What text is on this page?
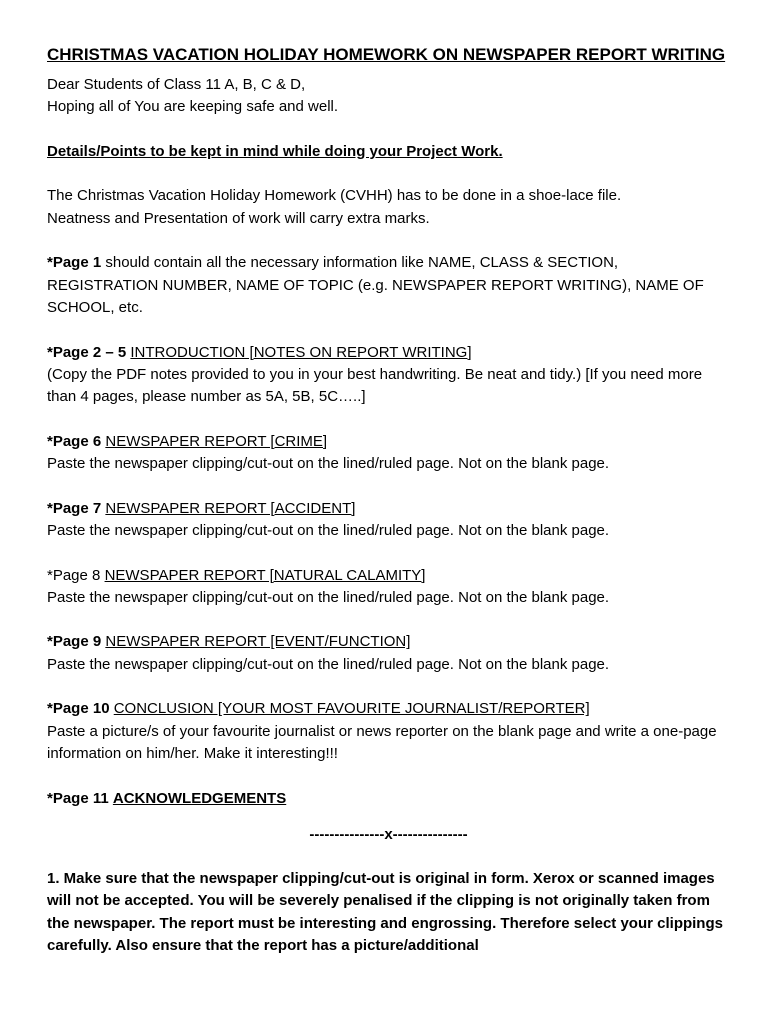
CHRISTMAS VACATION HOLIDAY HOMEWORK ON NEWSPAPER REPORT WRITING

Dear Students of Class 11 A, B, C & D,
Hoping all of You are keeping safe and well.

Details/Points to be kept in mind while doing your Project Work.

The Christmas Vacation Holiday Homework (CVHH) has to be done in a shoe-lace file.
Neatness and Presentation of work will carry extra marks.

*Page 1 should contain all the necessary information like NAME, CLASS & SECTION, REGISTRATION NUMBER, NAME OF TOPIC (e.g. NEWSPAPER REPORT WRITING), NAME OF SCHOOL, etc.

*Page 2 – 5 INTRODUCTION [NOTES ON REPORT WRITING]
(Copy the PDF notes provided to you in your best handwriting. Be neat and tidy.) [If you need more than 4 pages, please number as 5A, 5B, 5C…..]

*Page 6 NEWSPAPER REPORT [CRIME]
Paste the newspaper clipping/cut-out on the lined/ruled page. Not on the blank page.

*Page 7 NEWSPAPER REPORT [ACCIDENT]
Paste the newspaper clipping/cut-out on the lined/ruled page. Not on the blank page.

*Page 8 NEWSPAPER REPORT [NATURAL CALAMITY]
Paste the newspaper clipping/cut-out on the lined/ruled page. Not on the blank page.

*Page 9 NEWSPAPER REPORT [EVENT/FUNCTION]
Paste the newspaper clipping/cut-out on the lined/ruled page. Not on the blank page.

*Page 10 CONCLUSION [YOUR MOST FAVOURITE JOURNALIST/REPORTER]
Paste a picture/s of your favourite journalist or news reporter on the blank page and write a one-page information on him/her. Make it interesting!!!

*Page 11 ACKNOWLEDGEMENTS

---------------x---------------

1. Make sure that the newspaper clipping/cut-out is original in form. Xerox or scanned images will not be accepted. You will be severely penalised if the clipping is not originally taken from the newspaper. The report must be interesting and engrossing. Therefore select your clippings carefully. Also ensure that the report has a picture/additional
